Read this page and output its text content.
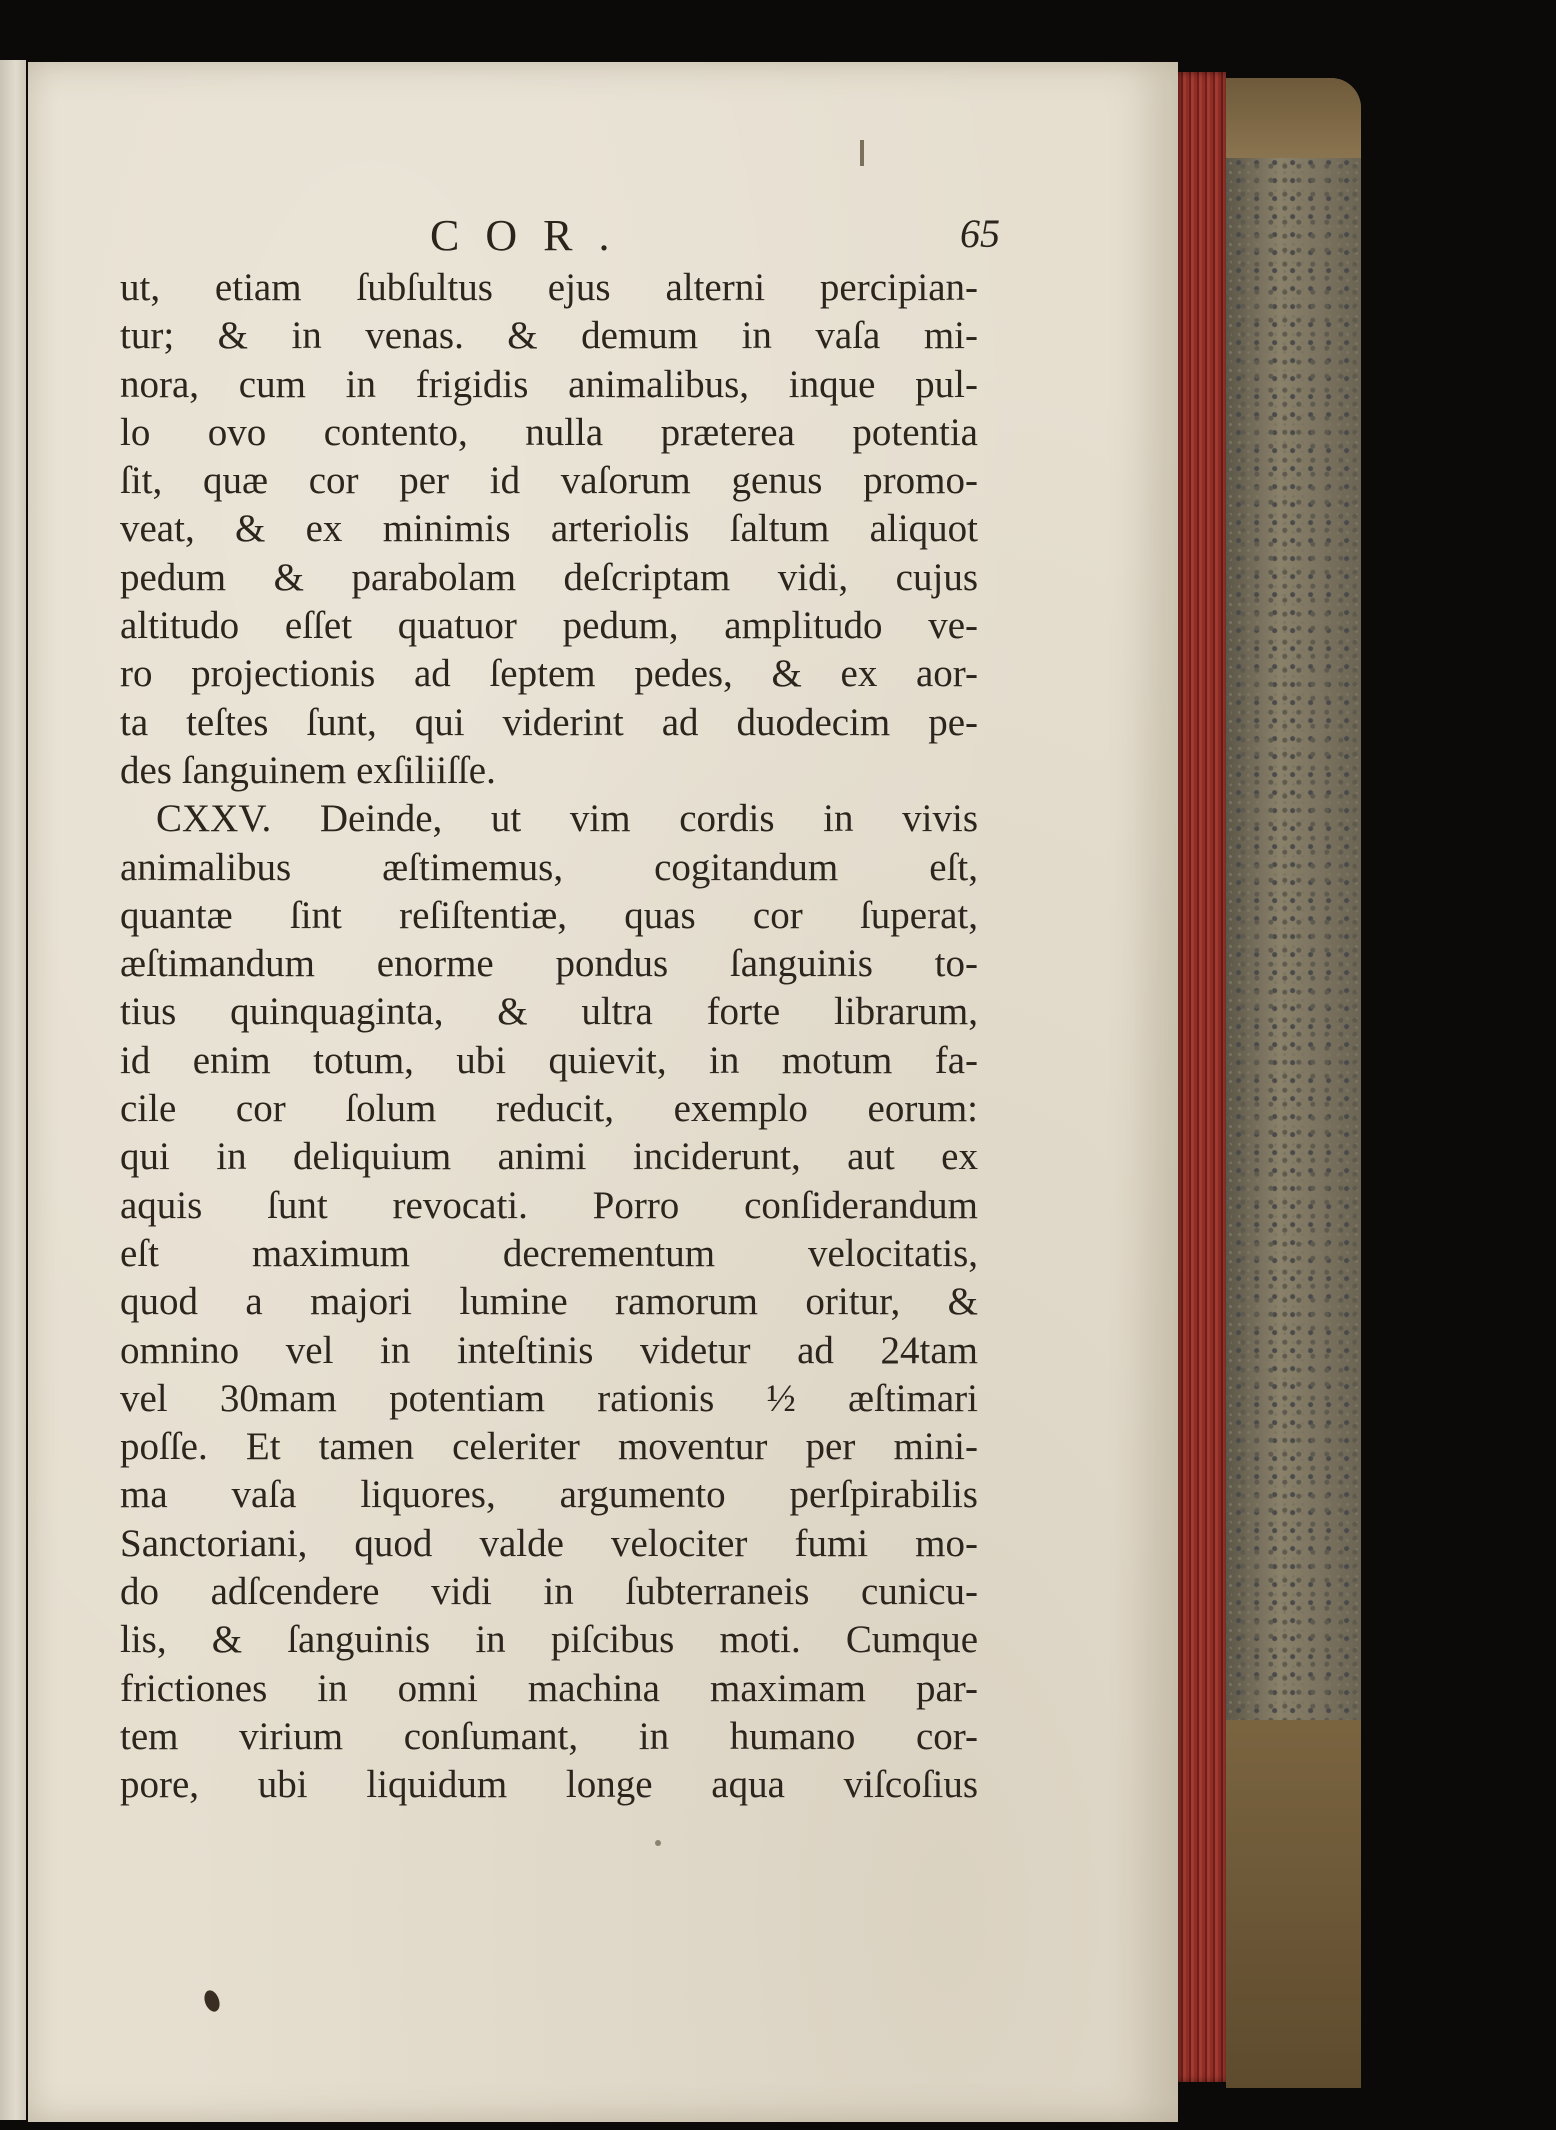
COR.	65
ut, etiam ſubſultus ejus alterni percipian-
tur; & in venas. & demum in vaſa mi-
nora, cum in frigidis animalibus, inque pul-
lo ovo contento, nulla præterea potentia
ſit, quæ cor per id vaſorum genus promo-
veat, & ex minimis arteriolis ſaltum aliquot
pedum & parabolam deſcriptam vidi, cujus
altitudo eſſet quatuor pedum, amplitudo ve-
ro projectionis ad ſeptem pedes, & ex aor-
ta teſtes ſunt, qui viderint ad duodecim pe-
des ſanguinem exſiliiſſe.
CXXV. Deinde, ut vim cordis in vivis
animalibus æſtimemus, cogitandum eſt,
quantæ ſint reſiſtentiæ, quas cor ſuperat,
æſtimandum enorme pondus ſanguinis to-
tius quinquaginta, & ultra forte librarum,
id enim totum, ubi quievit, in motum fa-
cile cor ſolum reducit, exemplo eorum:
qui in deliquium animi inciderunt, aut ex
aquis ſunt revocati. Porro conſiderandum
eſt maximum decrementum velocitatis,
quod a majori lumine ramorum oritur, &
omnino vel in inteſtinis videtur ad 24tam
vel 30mam potentiam rationis ½ æſtimari
poſſe. Et tamen celeriter moventur per mini-
ma vaſa liquores, argumento perſpirabilis
Sanctoriani, quod valde velociter fumi mo-
do adſcendere vidi in ſubterraneis cunicu-
lis, & ſanguinis in piſcibus moti. Cumque
frictiones in omni machina maximam par-
tem virium conſumant, in humano cor-
pore, ubi liquidum longe aqua viſcoſius
